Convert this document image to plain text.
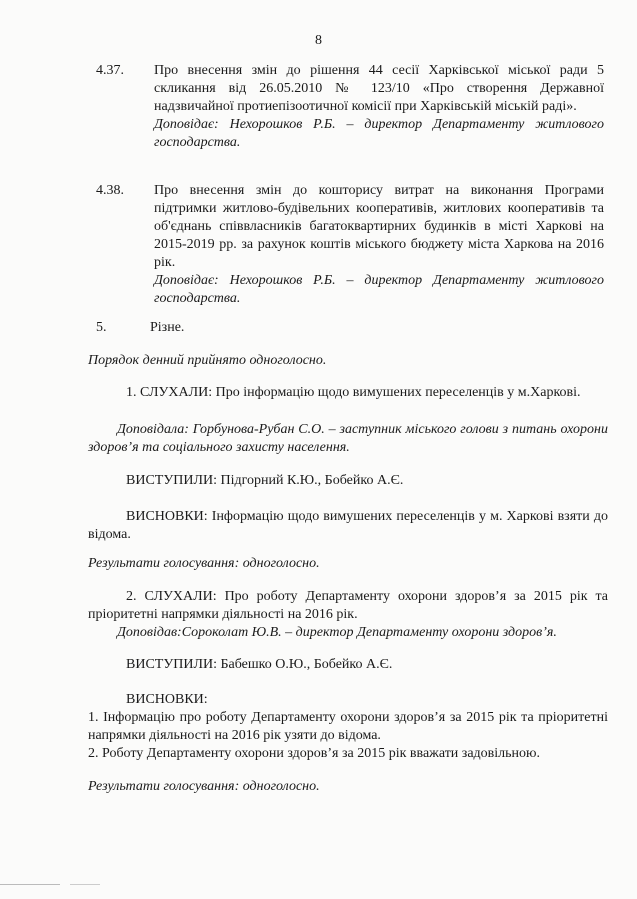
8
4.37.	Про внесення змін до рішення 44 сесії Харківської міської ради 5 скликання від 26.05.2010 № 123/10 «Про створення Державної надзвичайної протиепізоотичної комісії при Харківській міській раді».
Доповідає: Нехорошков Р.Б. – директор Департаменту житлового господарства.
4.38.	Про внесення змін до кошторису витрат на виконання Програми підтримки житлово-будівельних кооперативів, житлових кооперативів та об'єднань співвласників багатоквартирних будинків в місті Харкові на 2015-2019 рр. за рахунок коштів міського бюджету міста Харкова на 2016 рік.
Доповідає: Нехорошков Р.Б. – директор Департаменту житлового господарства.
5.	Різне.
Порядок денний прийнято одноголосно.
1. СЛУХАЛИ: Про інформацію щодо вимушених переселенців у м.Харкові.
Доповідала: Горбунова-Рубан С.О. – заступник міського голови з питань охорони здоров’я та соціального захисту населення.
ВИСТУПИЛИ: Підгорний К.Ю., Бобейко А.Є.
ВИСНОВКИ: Інформацію щодо вимушених переселенців у м. Харкові взяти до відома.
Результати голосування: одноголосно.
2. СЛУХАЛИ: Про роботу Департаменту охорони здоров’я за 2015 рік та пріоритетні напрямки діяльності на 2016 рік.
Доповідав:Сороколат Ю.В. – директор Департаменту охорони здоров’я.
ВИСТУПИЛИ: Бабешко О.Ю., Бобейко А.Є.
ВИСНОВКИ:
1. Інформацію про роботу Департаменту охорони здоров’я за 2015 рік та пріоритетні напрямки діяльності на 2016 рік узяти до відома.
2. Роботу Департаменту охорони здоров’я за 2015 рік вважати задовільною.
Результати голосування: одноголосно.
